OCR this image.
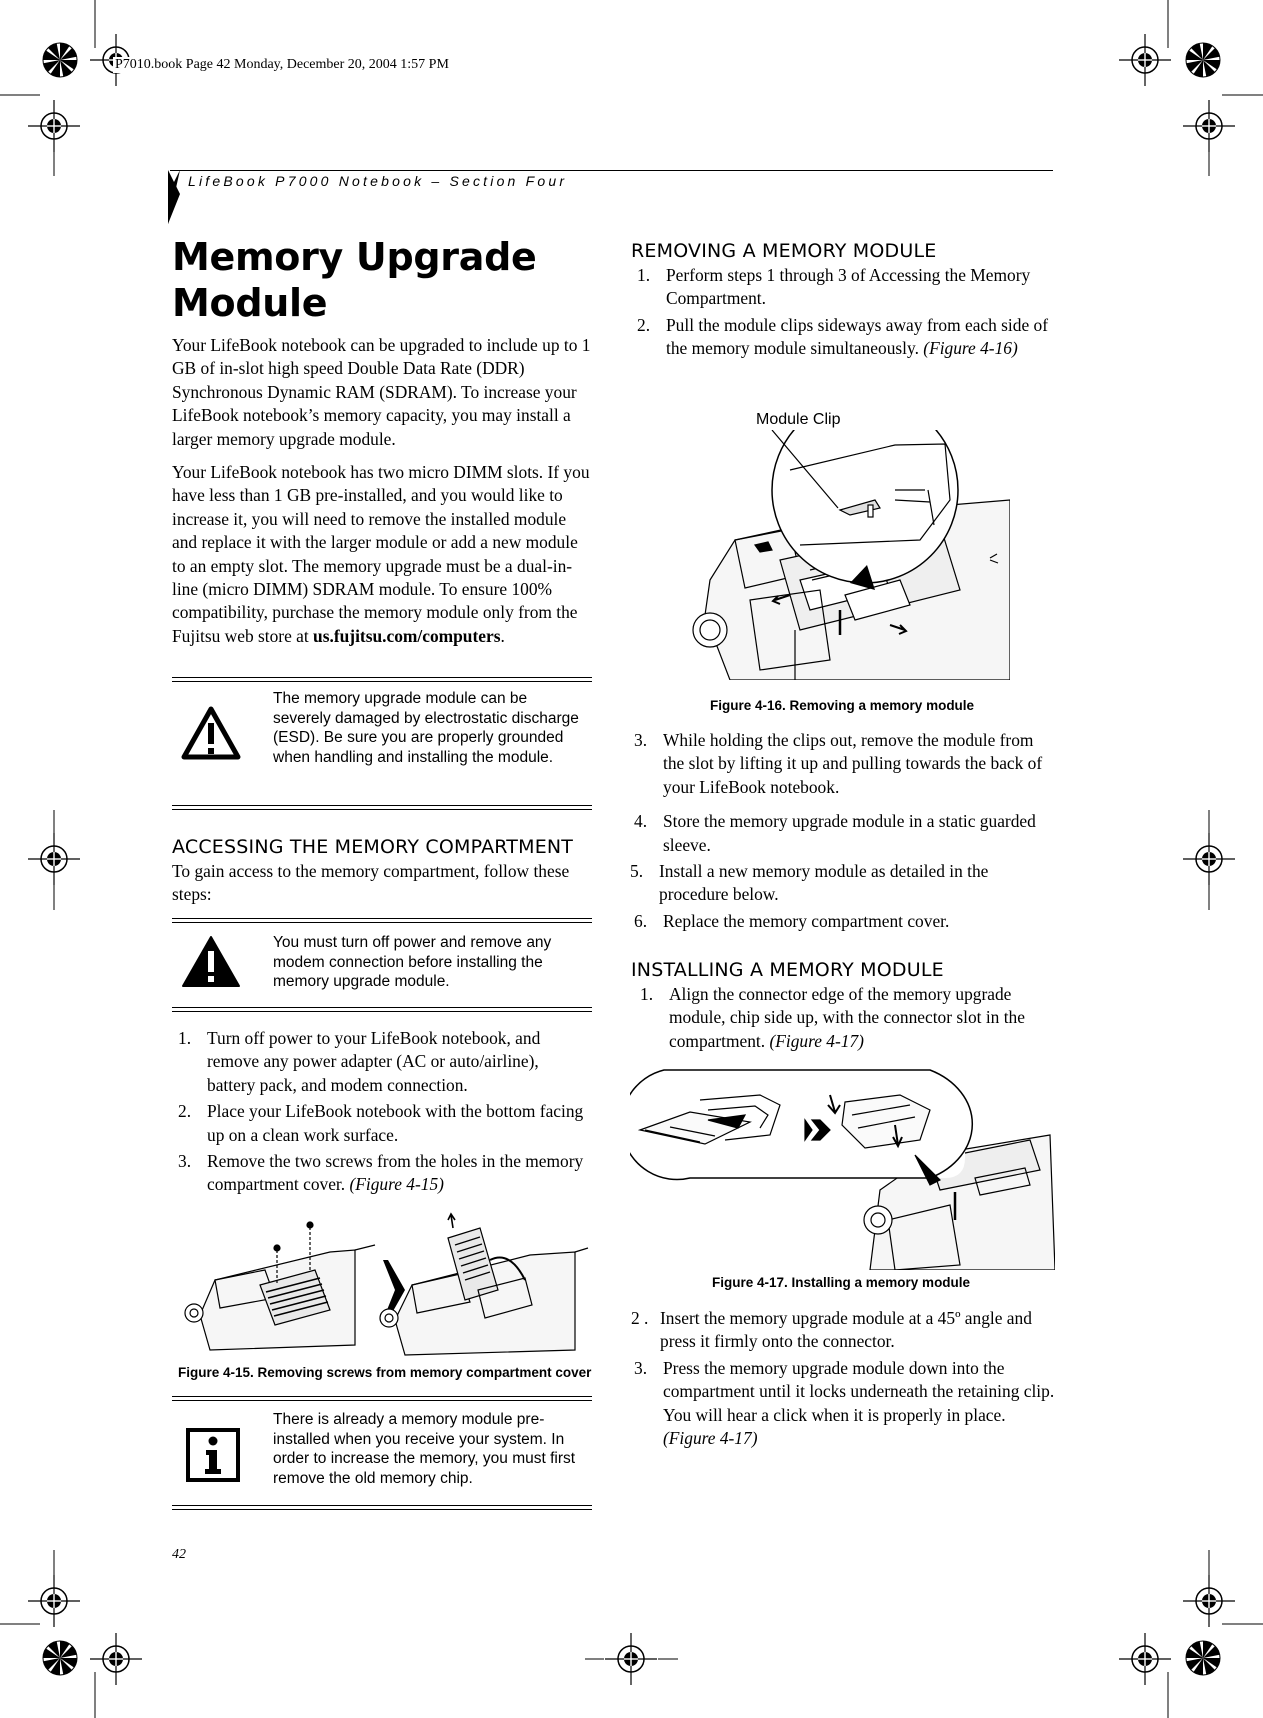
P7010.book Page 42 Monday, December 20, 2004 1:57 PM
LifeBook P7000 Notebook – Section Four
Memory Upgrade
Module

Your LifeBook notebook can be upgraded to include up to 1 GB of in-slot high speed Double Data Rate (DDR) Synchronous Dynamic RAM (SDRAM). To increase your LifeBook notebook’s memory capacity, you may install a larger memory upgrade module.

Your LifeBook notebook has two micro DIMM slots. If you have less than 1 GB pre-installed, and you would like to increase it, you will need to remove the installed module and replace it with the larger module or add a new module to an empty slot. The memory upgrade must be a dual-in-line (micro DIMM) SDRAM module. To ensure 100% compatibility, purchase the memory module only from the Fujitsu web store at us.fujitsu.com/computers.

The memory upgrade module can be severely damaged by electrostatic discharge (ESD). Be sure you are properly grounded when handling and installing the module.
ACCESSING THE MEMORY COMPARTMENT

To gain access to the memory compartment, follow these steps:

You must turn off power and remove any modem connection before installing the memory upgrade module.
1. Turn off power to your LifeBook notebook, and remove any power adapter (AC or auto/airline), battery pack, and modem connection.
2. Place your LifeBook notebook with the bottom facing up on a clean work surface.
3. Remove the two screws from the holes in the memory compartment cover. (Figure 4-15)
Figure 4-15. Removing screws from memory compartment cover
There is already a memory module pre-installed when you receive your system. In order to increase the memory, you must first remove the old memory chip.
42
REMOVING A MEMORY MODULE
1. Perform steps 1 through 3 of Accessing the Memory Compartment.
2. Pull the module clips sideways away from each side of the memory module simultaneously. (Figure 4-16)
Module Clip
Figure 4-16. Removing a memory module
3. While holding the clips out, remove the module from the slot by lifting it up and pulling towards the back of your LifeBook notebook.
4. Store the memory upgrade module in a static guarded sleeve.
5. Install a new memory module as detailed in the procedure below.
6. Replace the memory compartment cover.
INSTALLING A MEMORY MODULE
1. Align the connector edge of the memory upgrade module, chip side up, with the connector slot in the compartment. (Figure 4-17)
Figure 4-17. Installing a memory module
2 . Insert the memory upgrade module at a 45º angle and press it firmly onto the connector.
3. Press the memory upgrade module down into the compartment until it locks underneath the retaining clip. You will hear a click when it is properly in place. (Figure 4-17)
